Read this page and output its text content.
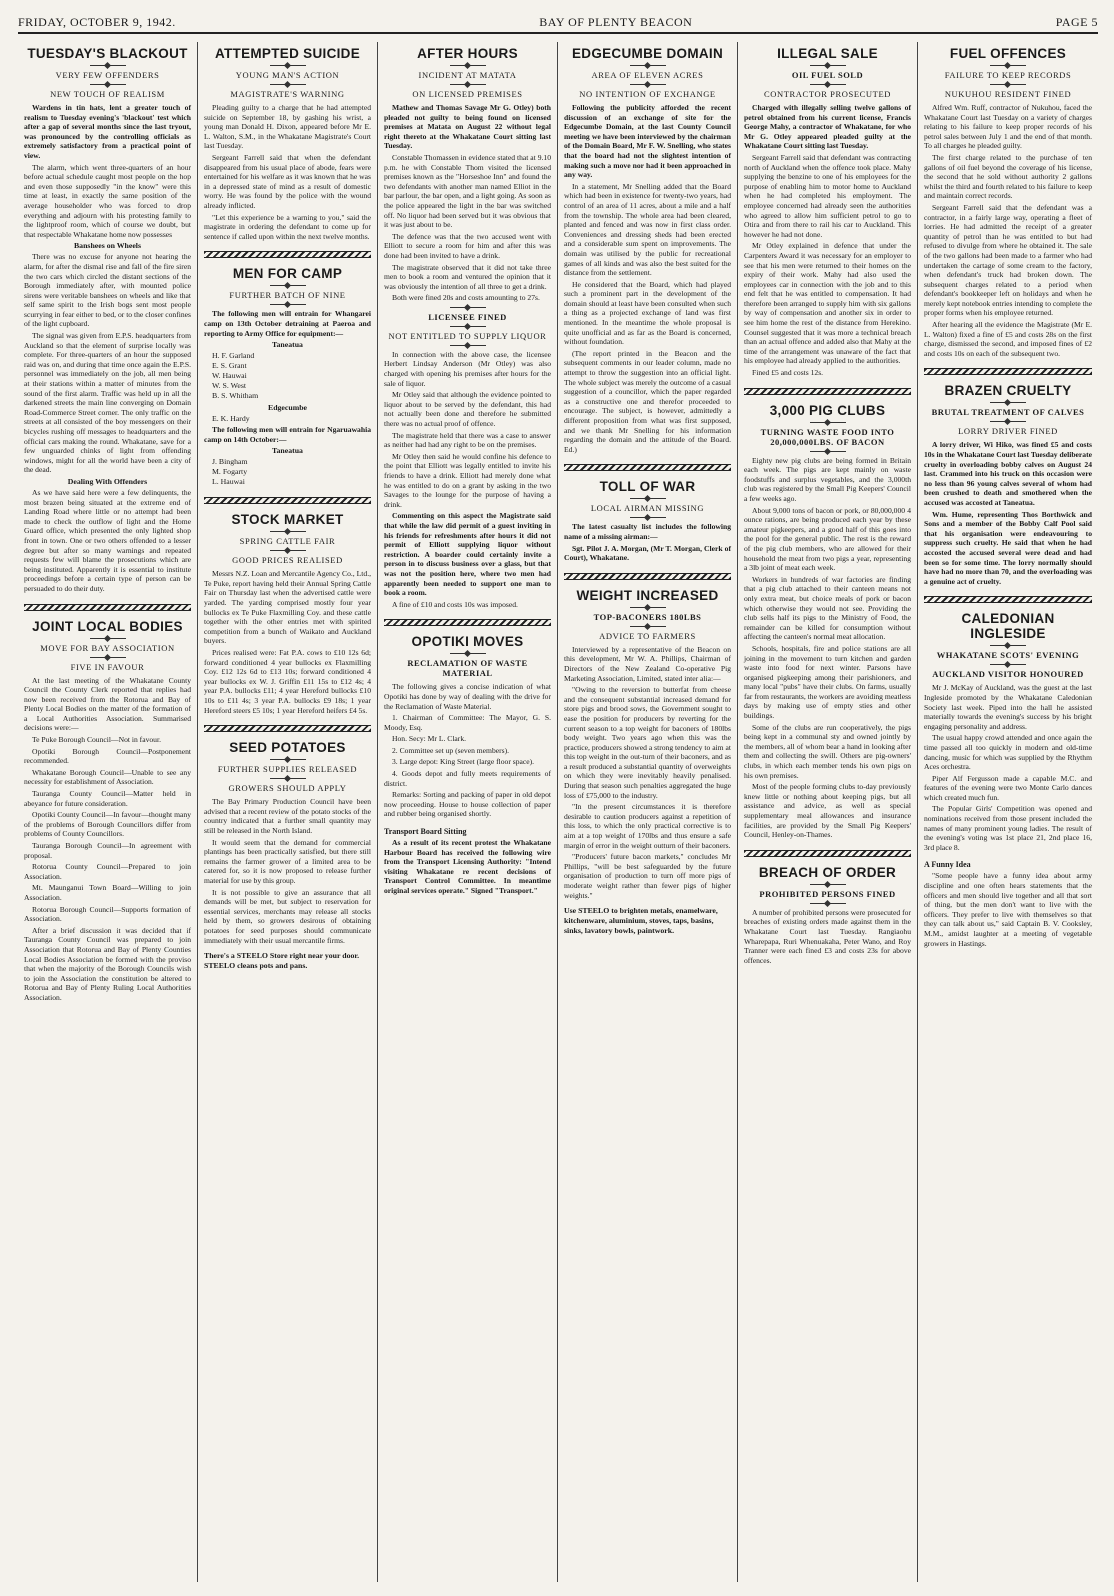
FRIDAY, OCTOBER 9, 1942.	BAY OF PLENTY BEACON	PAGE 5
TUESDAY'S BLACKOUT
VERY FEW OFFENDERS
NEW TOUCH OF REALISM

Wardens in tin hats, lent a greater touch of realism to Tuesday evening's 'blackout' test which after a gap of several months since the last tryout, was pronounced by the controlling officials as extremely satisfactory from a practical point of view.

The alarm, which went three-quarters of an hour before actual schedule caught most people on the hop and even those supposedly "in the know" were this time at least, in exactly the same position of the average householder who was forced to drop everything and adjourn with his protesting family to the lightproof room, which of course we doubt, but that respectable Whakatane home now possesses

Banshees on Wheels

There was no excuse for anyone not hearing the alarm, for after the dismal rise and fall of the fire siren the two cars which circled the distant sections of the Borough immediately after, with mounted police sirens were veritable banshees on wheels and like that self same spirit to the Irish bogs sent most people scurrying in fear either to bed, or to the closer confines of the light cupboard.

The signal was given from E.P.S. headquarters from Auckland so that the element of surprise locally was complete. For three-quarters of an hour the supposed raid was on, and during that time once again the E.P.S. personnel was immediately on the job, all men being at their stations within a matter of minutes from the sound of the first alarm. Traffic was held up in all the darkened streets the main line converging on Domain Road-Commerce Street corner. The only traffic on the streets at all consisted of the boy messengers on their bicycles rushing off messages to headquarters and the official cars making the round. Whakatane, save for a few unguarded chinks of light from offending windows, might for all the world have been a city of the dead.

Dealing With Offenders

As we have said here were a few delinquents, the most brazen being situated at the extreme end of Landing Road where little or no attempt had been made to check the outflow of light and the Home Guard office, which presented the only lighted shop front in town. One or two others offended to a lesser degree but after so many warnings and repeated requests few will blame the prosecutions which are being instituted. Apparently it is essential to institute proceedings before a certain type of person can be persuaded to do their duty.

JOINT LOCAL BODIES
MOVE FOR BAY ASSOCIATION
FIVE IN FAVOUR

At the last meeting of the Whakatane County Council the County Clerk reported that replies had now been received from the Rotorua and Bay of Plenty Local Bodies on the matter of the formation of a Local Authorities Association. Summarised decisions were:—

Te Puke Borough Council—Not in favour.

Opotiki Borough Council—Postponement recommended.

Whakatane Borough Council—Unable to see any necessity for establishment of Association.

Tauranga County Council—Matter held in abeyance for future consideration.

Opotiki County Council—In favour—thought many of the problems of Borough Councillors differ from problems of County Councillors.

Tauranga Borough Council—In agreement with proposal.

Rotorua County Council—Prepared to join Association.

Mt. Maunganui Town Board—Willing to join Association.

Rotorua Borough Council—Supports formation of Association.

After a brief discussion it was decided that if Tauranga County Council was prepared to join Association that Rotorua and Bay of Plenty Counties Local Bodies Association be formed with the proviso that when the majority of the Borough Councils wish to join the Association the constitution be altered to Rotorua and Bay of Plenty Ruling Local Authorities Association.

ATTEMPTED SUICIDE
YOUNG MAN'S ACTION
MAGISTRATE'S WARNING

Pleading guilty to a charge that he had attempted suicide on September 18, by gashing his wrist, a young man Donald H. Dixon, appeared before Mr E. L. Walton, S.M., in the Whakatane Magistrate's Court last Tuesday.

Sergeant Farrell said that when the defendant disappeared from his usual place of abode, fears were entertained for his welfare as it was known that he was in a depressed state of mind as a result of domestic worry. He was found by the police with the wound already inflicted.

"Let this experience be a warning to you," said the magistrate in ordering the defendant to come up for sentence if called upon within the next twelve months.

MEN FOR CAMP
FURTHER BATCH OF NINE

The following men will entrain for Whangarei camp on 13th October detraining at Paeroa and reporting to Army Office for equipment:—

Taneatua
H. F. Garland
E. S. Grant
W. Hauwai
W. S. West
B. S. Whitham
Edgecumbe
E. K. Hardy

The following men will entrain for Ngaruawahia camp on 14th October:—

Taneatua
J. Bingham
M. Fogarty
L. Hauwai
STOCK MARKET
SPRING CATTLE FAIR
GOOD PRICES REALISED

Messrs N.Z. Loan and Mercantile Agency Co., Ltd., Te Puke, report having held their Annual Spring Cattle Fair on Thursday last when the advertised cattle were yarded. The yarding comprised mostly four year bullocks ex Te Puke Flaxmilling Coy. and these cattle together with the other entries met with spirited competition from a bunch of Waikato and Auckland buyers.

Prices realised were: Fat P.A. cows to £10 12s 6d; forward conditioned 4 year bullocks ex Flaxmilling Coy. £12 12s 6d to £13 10s; forward conditioned 4 year bullocks ex W. J. Griffin £11 15s to £12 4s; 4 year P.A. bullocks £11; 4 year Hereford bullocks £10 10s to £11 4s; 3 year P.A. bullocks £9 18s; 1 year Hereford steers £5 10s; 1 year Hereford heifers £4 5s.

SEED POTATOES
FURTHER SUPPLIES RELEASED
GROWERS SHOULD APPLY

The Bay Primary Production Council have been advised that a recent review of the potato stocks of the country indicated that a further small quantity may still be released in the North Island.

It would seem that the demand for commercial plantings has been practically satisfied, but there still remains the farmer grower of a limited area to be catered for, so it is now proposed to release further material for use by this group.

It is not possible to give an assurance that all demands will be met, but subject to reservation for essential services, merchants may release all stocks held by them, so growers desirous of obtaining potatoes for seed purposes should communicate immediately with their usual mercantile firms.

There's a STEELO Store right near your door. STEELO cleans pots and pans.
AFTER HOURS
INCIDENT AT MATATA
ON LICENSED PREMISES

Mathew and Thomas Savage Mr G. Otley) both pleaded not guilty to being found on licensed premises at Matata on August 22 without legal right thereto at the Whakatane Court sitting last Tuesday.

Constable Thomassen in evidence stated that at 9.10 p.m. he with Constable Thom visited the licensed premises known as the "Horseshoe Inn" and found the two defendants with another man named Elliot in the bar parlour, the bar open, and a light going. As soon as the police appeared the light in the bar was switched off. No liquor had been served but it was obvious that it was just about to be.

The defence was that the two accused went with Elliott to secure a room for him and after this was done had been invited to have a drink.

The magistrate observed that it did not take three men to book a room and ventured the opinion that it was obviously the intention of all three to get a drink.

Both were fined 20s and costs amounting to 27s.

LICENSEE FINED
NOT ENTITLED TO SUPPLY LIQUOR

In connection with the above case, the licensee Herbert Lindsay Anderson (Mr Otley) was also charged with opening his premises after hours for the sale of liquor.

Mr Otley said that although the evidence pointed to liquor about to be served by the defendant, this had not actually been done and therefore he submitted there was no actual proof of offence.

The magistrate held that there was a case to answer as neither had had any right to be on the premises.

Mr Otley then said he would confine his defence to the point that Elliott was legally entitled to invite his friends to have a drink. Elliott had merely done what he was entitled to do on a grant by asking in the two Savages to the lounge for the purpose of having a drink.

Commenting on this aspect the Magistrate said that while the law did permit of a guest inviting in his friends for refreshments after hours it did not permit of Elliott supplying liquor without restriction. A boarder could certainly invite a person in to discuss business over a glass, but that was not the position here, where two men had apparently been needed to support one man to book a room.

A fine of £10 and costs 10s was imposed.

OPOTIKI MOVES
RECLAMATION OF WASTE MATERIAL

The following gives a concise indication of what Opotiki has done by way of dealing with the drive for the Reclamation of Waste Material.

1. Chairman of Committee: The Mayor, G. S. Moody, Esq.

Hon. Secy: Mr L. Clark.

2. Committee set up (seven members).

3. Large depot: King Street (large floor space).

4. Goods depot and fully meets requirements of district.

Remarks: Sorting and packing of paper in old depot now proceeding. House to house collection of paper and rubber being organised shortly.

Transport Board Sitting

As a result of its recent protest the Whakatane Harbour Board has received the following wire from the Transport Licensing Authority: "Intend visiting Whakatane re recent decisions of Transport Control Committee. In meantime original services operate." Signed "Transport."

EDGECUMBE DOMAIN
AREA OF ELEVEN ACRES
NO INTENTION OF EXCHANGE

Following the publicity afforded the recent discussion of an exchange of site for the Edgecumbe Domain, at the last County Council meeting we have been interviewed by the chairman of the Domain Board, Mr F. W. Snelling, who states that the board had not the slightest intention of making such a move nor had it been approached in any way.

In a statement, Mr Snelling added that the Board which had been in existence for twenty-two years, had control of an area of 11 acres, about a mile and a half from the township. The whole area had been cleared, planted and fenced and was now in first class order. Conveniences and dressing sheds had been erected and a considerable sum spent on improvements. The domain was utilised by the public for recreational games of all kinds and was also the best suited for the distance from the settlement.

He considered that the Board, which had played such a prominent part in the development of the domain should at least have been consulted when such a thing as a projected exchange of land was first mentioned. In the meantime the whole proposal is quite unofficial and as far as the Board is concerned, without foundation.

(The report printed in the Beacon and the subsequent comments in our leader column, made no attempt to throw the suggestion into an official light. The whole subject was merely the outcome of a casual suggestion of a councillor, which the paper regarded as a constructive one and therefor proceeded to encourage. The subject, is however, admittedly a different proposition from what was first supposed, and we thank Mr Snelling for his information regarding the domain and the attitude of the Board. Ed.)

TOLL OF WAR
LOCAL AIRMAN MISSING

The latest casualty list includes the following name of a missing airman:—

Sgt. Pilot J. A. Morgan, (Mr T. Morgan, Clerk of Court), Whakatane.

WEIGHT INCREASED
TOP-BACONERS 180LBS
ADVICE TO FARMERS

Interviewed by a representative of the Beacon on this development, Mr W. A. Phillips, Chairman of Directors of the New Zealand Co-operative Pig Marketing Association, Limited, stated inter alia:—

"Owing to the reversion to butterfat from cheese and the consequent substantial increased demand for store pigs and brood sows, the Government sought to ease the position for producers by reverting for the current season to a top weight for baconers of 180lbs body weight. Two years ago when this was the practice, producers showed a strong tendency to aim at this top weight in the out-turn of their baconers, and as a result produced a substantial quantity of overweights on which they were inevitably heavily penalised. During that season such penalties aggregated the huge loss of £75,000 to the industry.

"In the present circumstances it is therefore desirable to caution producers against a repetition of this loss, to which the only practical corrective is to aim at a top weight of 170lbs and thus ensure a safe margin of error in the weight outturn of their baconers.

"Producers' future bacon markets," concludes Mr Phillips, "will be best safeguarded by the future organisation of production to turn off more pigs of moderate weight rather than fewer pigs of higher weights."

Use STEELO to brighten metals, enamelware, kitchenware, aluminium, stoves, taps, basins, sinks, lavatory bowls, paintwork.
ILLEGAL SALE
OIL FUEL SOLD
CONTRACTOR PROSECUTED

Charged with illegally selling twelve gallons of petrol obtained from his current license, Francis George Mahy, a contractor of Whakatane, for who Mr G. Otley appeared pleaded guilty at the Whakatane Court sitting last Tuesday.

Sergeant Farrell said that defendant was contracting north of Auckland when the offence took place. Mahy supplying the benzine to one of his employees for the purpose of enabling him to motor home to Auckland when he had completed his employment. The employee concerned had already seen the authorities who agreed to allow him sufficient petrol to go to Otira and from there to rail his car to Auckland. This however he had not done.

Mr Otley explained in defence that under the Carpenters Award it was necessary for an employer to see that his men were returned to their homes on the expiry of their work. Mahy had also used the employees car in connection with the job and to this end felt that he was entitled to compensation. It had therefore been arranged to supply him with six gallons by way of compensation and another six in order to see him home the rest of the distance from Herekino. Counsel suggested that it was more a technical breach than an actual offence and added also that Mahy at the time of the arrangement was unaware of the fact that his employee had already applied to the authorities.

Fined £5 and costs 12s.

3,000 PIG CLUBS
TURNING WASTE FOOD INTO 20,000,000LBS. OF BACON

Eighty new pig clubs are being formed in Britain each week. The pigs are kept mainly on waste foodstuffs and surplus vegetables, and the 3,000th club was registered by the Small Pig Keepers' Council a few weeks ago.

About 9,000 tons of bacon or pork, or 80,000,000 4 ounce rations, are being produced each year by these amateur pigkeepers, and a good half of this goes into the pool for the general public. The rest is the reward of the pig club members, who are allowed for their household the meat from two pigs a year, representing a 3lb joint of meat each week.

Workers in hundreds of war factories are finding that a pig club attached to their canteen means not only extra meat, but choice meals of pork or bacon which otherwise they would not see. Providing the club sells half its pigs to the Ministry of Food, the remainder can be killed for consumption without affecting the canteen's normal meat allocation.

Schools, hospitals, fire and police stations are all joining in the movement to turn kitchen and garden waste into food for next winter. Parsons have organised pigkeeping among their parishioners, and many local "pubs" have their clubs. On farms, usually far from restaurants, the workers are avoiding meatless days by making use of empty sties and other buildings.

Some of the clubs are run cooperatively, the pigs being kept in a communal sty and owned jointly by the members, all of whom bear a hand in looking after them and collecting the swill. Others are pig-owners' clubs, in which each member tends his own pigs on his own premises.

Most of the people forming clubs to-day previously knew little or nothing about keeping pigs, but all assistance and advice, as well as special supplementary meal allowances and insurance facilities, are provided by the Small Pig Keepers' Council, Henley-on-Thames.

BREACH OF ORDER
PROHIBITED PERSONS FINED

A number of prohibited persons were prosecuted for breaches of existing orders made against them in the Whakatane Court last Tuesday. Rangiaohu Wharepapa, Ruri Whenuakaha, Peter Wano, and Roy Tranner were each fined £3 and costs 23s for above offences.

FUEL OFFENCES
FAILURE TO KEEP RECORDS
NUKUHOU RESIDENT FINED

Alfred Wm. Ruff, contractor of Nukuhou, faced the Whakatane Court last Tuesday on a variety of charges relating to his failure to keep proper records of his petrol sales between July 1 and the end of that month. To all charges he pleaded guilty.

The first charge related to the purchase of ten gallons of oil fuel beyond the coverage of his license, the second that he sold without authority 2 gallons whilst the third and fourth related to his failure to keep and maintain correct records.

Sergeant Farrell said that the defendant was a contractor, in a fairly large way, operating a fleet of lorries. He had admitted the receipt of a greater quantity of petrol than he was entitled to but had refused to divulge from where he obtained it. The sale of the two gallons had been made to a farmer who had undertaken the cartage of some cream to the factory, when defendant's truck had broken down. The subsequent charges related to a period when defendant's bookkeeper left on holidays and when he merely kept notebook entries intending to complete the proper forms when his employee returned.

After hearing all the evidence the Magistrate (Mr E. L. Walton) fixed a fine of £5 and costs 28s on the first charge, dismissed the second, and imposed fines of £2 and costs 10s on each of the subsequent two.

BRAZEN CRUELTY
BRUTAL TREATMENT OF CALVES
LORRY DRIVER FINED

A lorry driver, Wi Hiko, was fined £5 and costs 10s in the Whakatane Court last Tuesday deliberate cruelty in overloading bobby calves on August 24 last. Crammed into his truck on this occasion were no less than 96 young calves several of whom had been crushed to death and smothered when the accused was accosted at Taneatua.

Wm. Hume, representing Thos Borthwick and Sons and a member of the Bobby Calf Pool said that his organisation were endeavouring to suppress such cruelty. He said that when he had accosted the accused several were dead and had been so for some time. The lorry normally should have had no more than 70, and the overloading was a genuine act of cruelty.

CALEDONIAN INGLESIDE
WHAKATANE SCOTS' EVENING
AUCKLAND VISITOR HONOURED

Mr J. McKay of Auckland, was the guest at the last Ingleside promoted by the Whakatane Caledonian Society last week. Piped into the hall he assisted materially towards the evening's success by his bright engaging personality and address.

The usual happy crowd attended and once again the time passed all too quickly in modern and old-time dancing, music for which was supplied by the Rhythm Aces orchestra.

Piper Alf Fergusson made a capable M.C. and features of the evening were two Monte Carlo dances which created much fun.

The Popular Girls' Competition was opened and nominations received from those present included the names of many prominent young ladies. The result of the evening's voting was 1st place 21, 2nd place 16, 3rd place 8.

A Funny Idea

"Some people have a funny idea about army discipline and one often hears statements that the officers and men should live together and all that sort of thing, but the men don't want to live with the officers. They prefer to live with themselves so that they can talk about us," said Captain B. V. Cooksley, M.M., amidst laughter at a meeting of vegetable growers in Hastings.
